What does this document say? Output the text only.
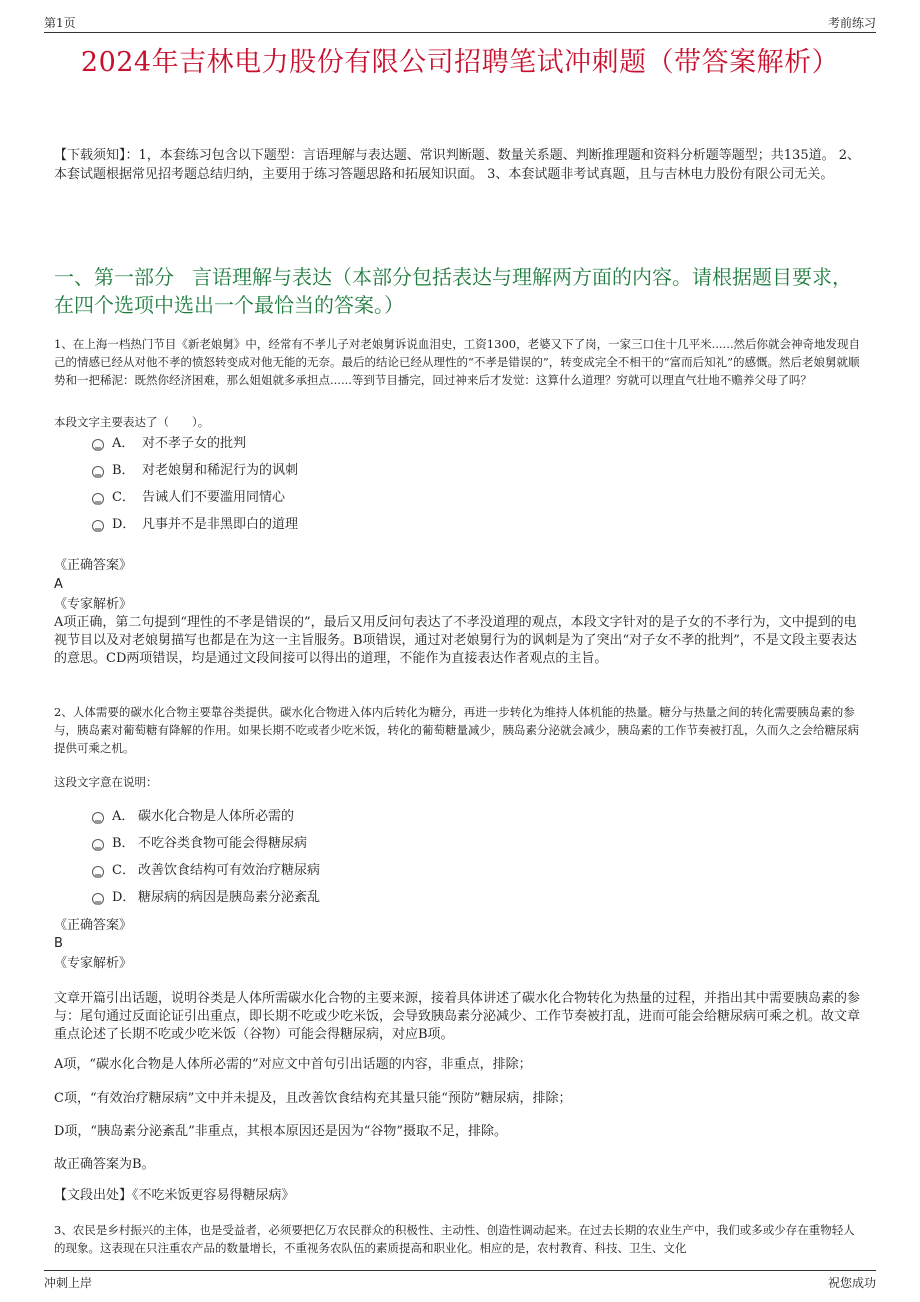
第1页	考前练习
2024年吉林电力股份有限公司招聘笔试冲刺题（带答案解析）
【下载须知】：1，本套练习包含以下题型：言语理解与表达题、常识判断题、数量关系题、判断推理题和资料分析题等题型；共135道。 2、本套试题根据常见招考题总结归纳，主要用于练习答题思路和拓展知识面。 3、本套试题非考试真题，且与吉林电力股份有限公司无关。
一、第一部分 言语理解与表达（本部分包括表达与理解两方面的内容。请根据题目要求，在四个选项中选出一个最恰当的答案。）
1、在上海一档热门节目《新老娘舅》中，经常有不孝儿子对老娘舅诉说血泪史，工资1300，老婆又下了岗，一家三口住十几平米......然后你就会神奇地发现自己的情感已经从对他不孝的愤怒转变成对他无能的无奈。最后的结论已经从理性的“不孝是错误的”，转变成完全不相干的“富而后知礼”的感慨。然后老娘舅就顺势和一把稀泥：既然你经济困难，那么姐姐就多承担点......等到节目播完，回过神来后才发觉：这算什么道理？穷就可以理直气壮地不赡养父母了吗？
本段文字主要表达了（　　）。
A． 对不孝子女的批判
B． 对老娘舅和稀泥行为的讽刺
C． 告诫人们不要滥用同情心
D． 凡事并不是非黑即白的道理
《正确答案》
A
《专家解析》
A项正确，第二句提到“理性的不孝是错误的”，最后又用反问句表达了不孝没道理的观点，本段文字针对的是子女的不孝行为，文中提到的电视节目以及对老娘舅描写也都是在为这一主旨服务。B项错误，通过对老娘舅行为的讽刺是为了突出“对子女不孝的批判”，不是文段主要表达的意思。CD两项错误，均是通过文段间接可以得出的道理，不能作为直接表达作者观点的主旨。
2、人体需要的碳水化合物主要靠谷类提供。碳水化合物进入体内后转化为糖分，再进一步转化为维持人体机能的热量。糖分与热量之间的转化需要胰岛素的参与，胰岛素对葡萄糖有降解的作用。如果长期不吃或者少吃米饭，转化的葡萄糖量减少，胰岛素分泌就会减少，胰岛素的工作节奏被打乱，久而久之会给糖尿病提供可乘之机。
这段文字意在说明：
A． 碳水化合物是人体所必需的
B． 不吃谷类食物可能会得糖尿病
C． 改善饮食结构可有效治疗糖尿病
D． 糖尿病的病因是胰岛素分泌紊乱
《正确答案》
B
《专家解析》
文章开篇引出话题，说明谷类是人体所需碳水化合物的主要来源，接着具体讲述了碳水化合物转化为热量的过程，并指出其中需要胰岛素的参与：尾句通过反面论证引出重点，即长期不吃或少吃米饭，会导致胰岛素分泌减少、工作节奏被打乱，进而可能会给糖尿病可乘之机。故文章重点论述了长期不吃或少吃米饭（谷物）可能会得糖尿病，对应B项。
A项，“碳水化合物是人体所必需的”对应文中首句引出话题的内容，非重点，排除；
C项，“有效治疗糖尿病”文中并未提及，且改善饮食结构充其量只能“预防”糖尿病，排除；
D项，“胰岛素分泌紊乱”非重点，其根本原因还是因为“谷物”摄取不足，排除。
故正确答案为B。
【文段出处】《不吃米饭更容易得糖尿病》
3、农民是乡村振兴的主体，也是受益者，必须要把亿万农民群众的积极性、主动性、创造性调动起来。在过去长期的农业生产中，我们或多或少存在重物轻人的现象。这表现在只注重农产品的数量增长，不重视务农队伍的素质提高和职业化。相应的是，农村教育、科技、卫生、文化
冲刺上岸	祝您成功
